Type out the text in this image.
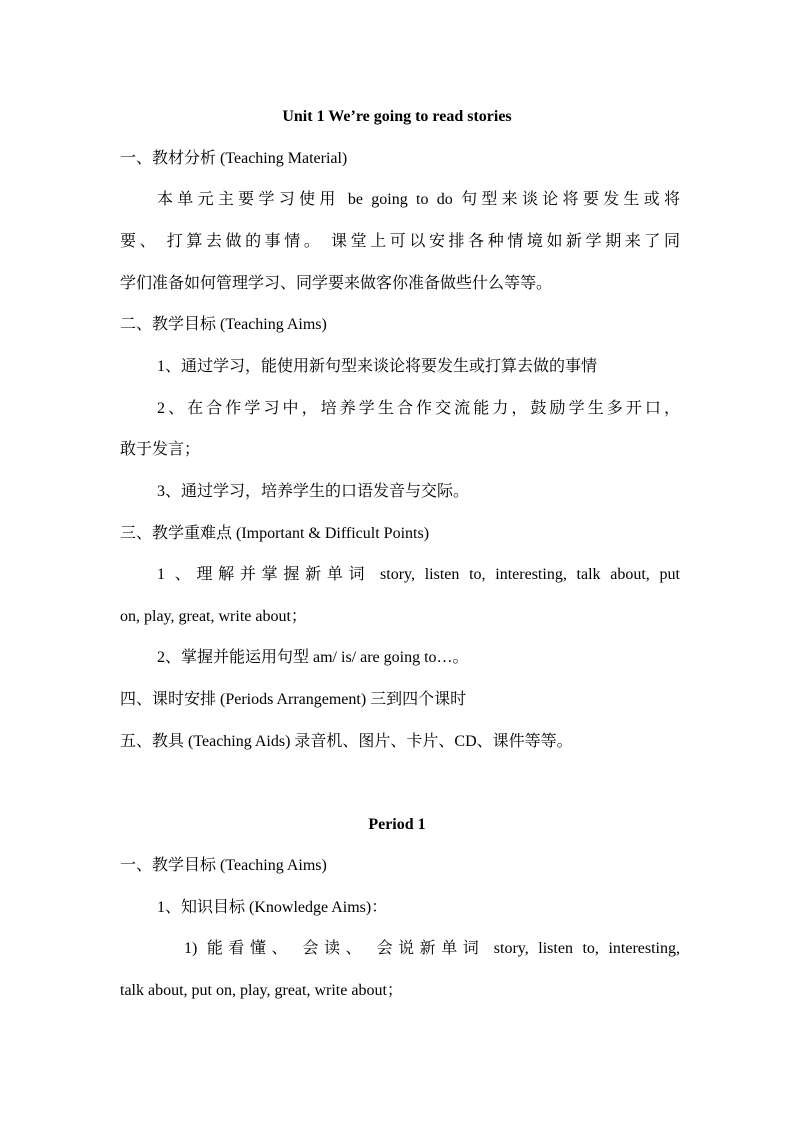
Unit 1 We’re going to read stories
一、教材分析 (Teaching Material)
本单元主要学习使用 be going to do 句型来谈论将要发生或将
要、 打算去做的事情。 课堂上可以安排各种情境如新学期来了同
学们准备如何管理学习、同学要来做客你准备做些什么等等。
二、教学目标 (Teaching Aims)
1、通过学习，能使用新句型来谈论将要发生或打算去做的事情
2、在合作学习中，培养学生合作交流能力，鼓励学生多开口，
敢于发言；
3、通过学习，培养学生的口语发音与交际。
三、教学重难点 (Important & Difficult Points)
1 、理解并掌握新单词 story, listen to, interesting, talk about, put
on, play, great, write about；
2、掌握并能运用句型 am/ is/ are going to…。
四、课时安排 (Periods Arrangement) 三到四个课时
五、教具 (Teaching Aids) 录音机、图片、卡片、CD、课件等等。
Period 1
一、教学目标 (Teaching Aims)
1、知识目标 (Knowledge Aims)：
1) 能看懂、 会读、 会说新单词 story, listen to, interesting,
talk about, put on, play, great, write about；
